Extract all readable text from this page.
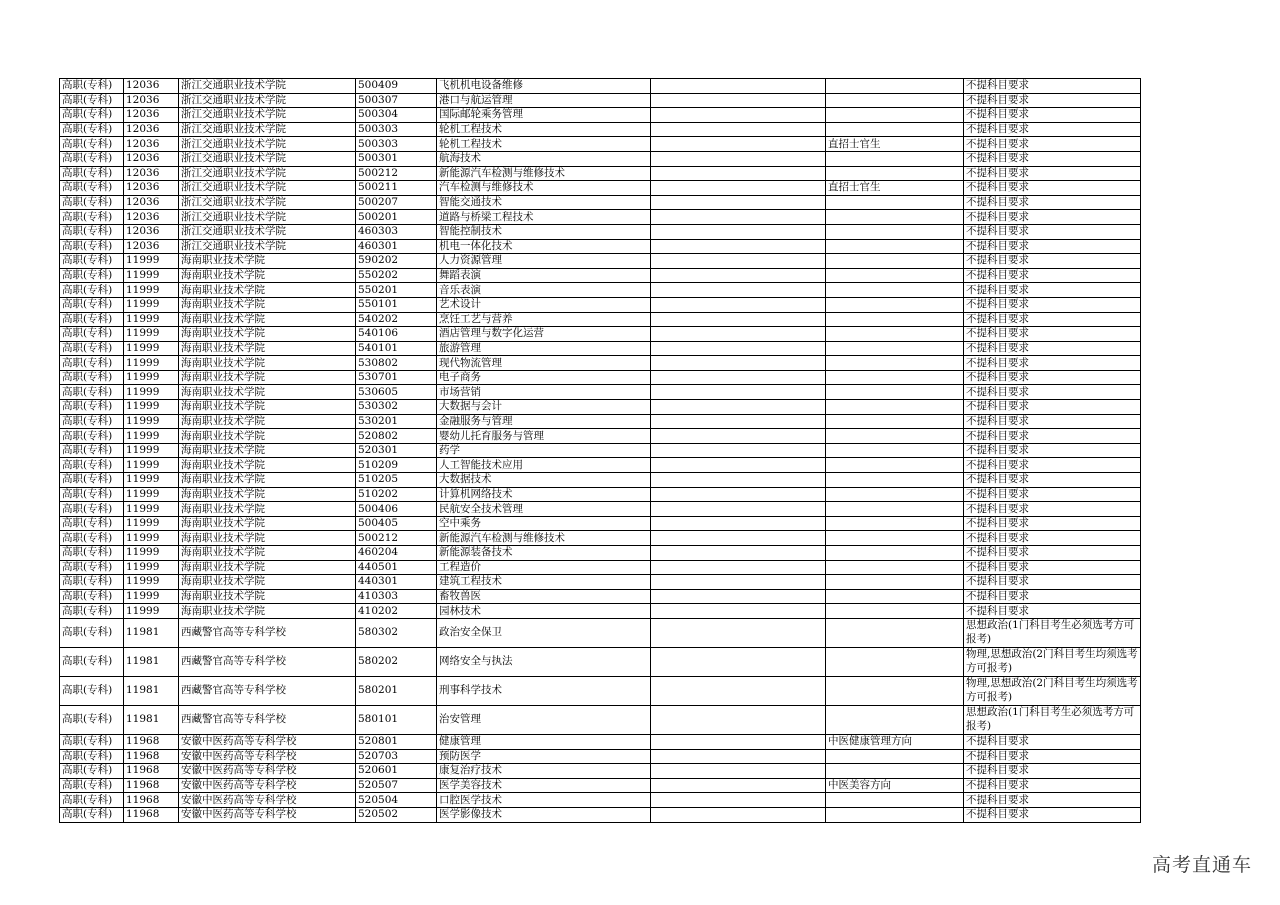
高职(专科)	12036	浙江交通职业技术学院	500409	飞机机电设备维修			不提科目要求
高职(专科)	12036	浙江交通职业技术学院	500307	港口与航运管理			不提科目要求
高职(专科)	12036	浙江交通职业技术学院	500304	国际邮轮乘务管理			不提科目要求
高职(专科)	12036	浙江交通职业技术学院	500303	轮机工程技术			不提科目要求
高职(专科)	12036	浙江交通职业技术学院	500303	轮机工程技术		直招士官生	不提科目要求
高职(专科)	12036	浙江交通职业技术学院	500301	航海技术			不提科目要求
高职(专科)	12036	浙江交通职业技术学院	500212	新能源汽车检测与维修技术			不提科目要求
高职(专科)	12036	浙江交通职业技术学院	500211	汽车检测与维修技术		直招士官生	不提科目要求
高职(专科)	12036	浙江交通职业技术学院	500207	智能交通技术			不提科目要求
高职(专科)	12036	浙江交通职业技术学院	500201	道路与桥梁工程技术			不提科目要求
高职(专科)	12036	浙江交通职业技术学院	460303	智能控制技术			不提科目要求
高职(专科)	12036	浙江交通职业技术学院	460301	机电一体化技术			不提科目要求
高职(专科)	11999	海南职业技术学院	590202	人力资源管理			不提科目要求
高职(专科)	11999	海南职业技术学院	550202	舞蹈表演			不提科目要求
高职(专科)	11999	海南职业技术学院	550201	音乐表演			不提科目要求
高职(专科)	11999	海南职业技术学院	550101	艺术设计			不提科目要求
高职(专科)	11999	海南职业技术学院	540202	烹饪工艺与营养			不提科目要求
高职(专科)	11999	海南职业技术学院	540106	酒店管理与数字化运营			不提科目要求
高职(专科)	11999	海南职业技术学院	540101	旅游管理			不提科目要求
高职(专科)	11999	海南职业技术学院	530802	现代物流管理			不提科目要求
高职(专科)	11999	海南职业技术学院	530701	电子商务			不提科目要求
高职(专科)	11999	海南职业技术学院	530605	市场营销			不提科目要求
高职(专科)	11999	海南职业技术学院	530302	大数据与会计			不提科目要求
高职(专科)	11999	海南职业技术学院	530201	金融服务与管理			不提科目要求
高职(专科)	11999	海南职业技术学院	520802	婴幼儿托育服务与管理			不提科目要求
高职(专科)	11999	海南职业技术学院	520301	药学			不提科目要求
高职(专科)	11999	海南职业技术学院	510209	人工智能技术应用			不提科目要求
高职(专科)	11999	海南职业技术学院	510205	大数据技术			不提科目要求
高职(专科)	11999	海南职业技术学院	510202	计算机网络技术			不提科目要求
高职(专科)	11999	海南职业技术学院	500406	民航安全技术管理			不提科目要求
高职(专科)	11999	海南职业技术学院	500405	空中乘务			不提科目要求
高职(专科)	11999	海南职业技术学院	500212	新能源汽车检测与维修技术			不提科目要求
高职(专科)	11999	海南职业技术学院	460204	新能源装备技术			不提科目要求
高职(专科)	11999	海南职业技术学院	440501	工程造价			不提科目要求
高职(专科)	11999	海南职业技术学院	440301	建筑工程技术			不提科目要求
高职(专科)	11999	海南职业技术学院	410303	畜牧兽医			不提科目要求
高职(专科)	11999	海南职业技术学院	410202	园林技术			不提科目要求
高职(专科)	11981	西藏警官高等专科学校	580302	政治安全保卫			思想政治(1门科目考生必须选考方可报考)
高职(专科)	11981	西藏警官高等专科学校	580202	网络安全与执法			物理,思想政治(2门科目考生均须选考方可报考)
高职(专科)	11981	西藏警官高等专科学校	580201	刑事科学技术			物理,思想政治(2门科目考生均须选考方可报考)
高职(专科)	11981	西藏警官高等专科学校	580101	治安管理			思想政治(1门科目考生必须选考方可报考)
高职(专科)	11968	安徽中医药高等专科学校	520801	健康管理		中医健康管理方向	不提科目要求
高职(专科)	11968	安徽中医药高等专科学校	520703	预防医学			不提科目要求
高职(专科)	11968	安徽中医药高等专科学校	520601	康复治疗技术			不提科目要求
高职(专科)	11968	安徽中医药高等专科学校	520507	医学美容技术		中医美容方向	不提科目要求
高职(专科)	11968	安徽中医药高等专科学校	520504	口腔医学技术			不提科目要求
高职(专科)	11968	安徽中医药高等专科学校	520502	医学影像技术			不提科目要求
高考直通车
